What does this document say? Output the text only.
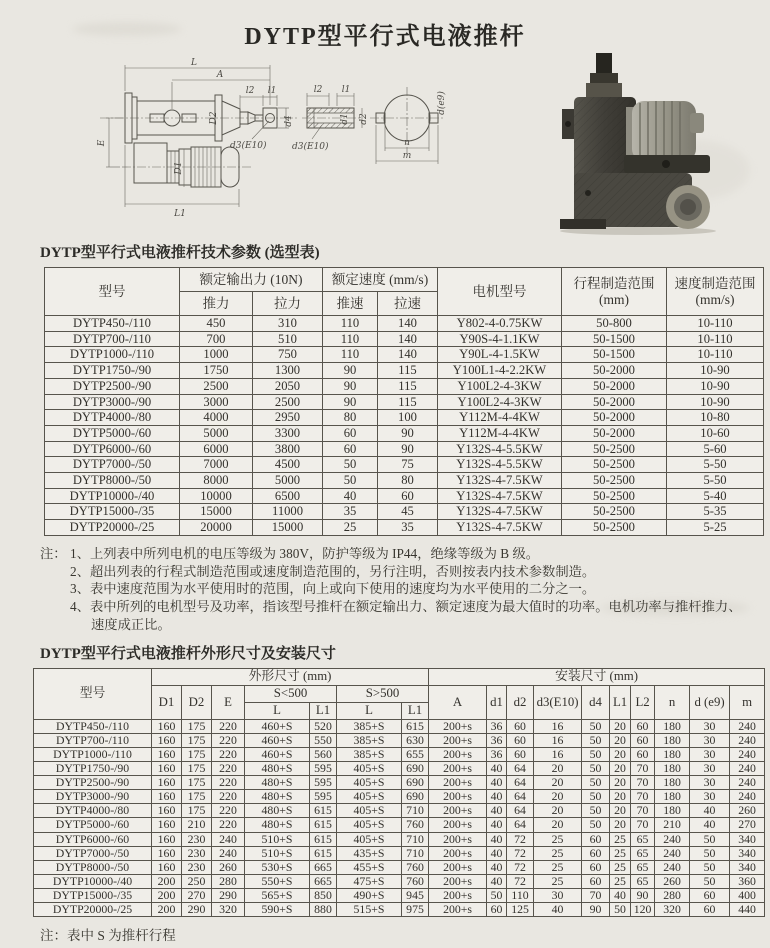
DYTP型平行式电液推杆
L
A
l2 l1
d4
d3(E10)
D2
D1
E
L1
l2 l1
d1 d2
d3(E10)
d(e9)
n
m
DYTP型平行式电液推杆技术参数 (选型表)
型号	额定输出力 (10N)	额定速度 (mm/s)	电机型号	
行程制造范围
(mm)

速度制造范围
(mm/s)

	推力	拉力	推速	拉速			
DYTP450-/110	450	310	110	140	Y802-4-0.75KW	50-800	10-110
DYTP700-/110	700	510	110	140	Y90S-4-1.1KW	50-1500	10-110
DYTP1000-/110	1000	750	110	140	Y90L-4-1.5KW	50-1500	10-110
DYTP1750-/90	1750	1300	90	115	Y100L1-4-2.2KW	50-2000	10-90
DYTP2500-/90	2500	2050	90	115	Y100L2-4-3KW	50-2000	10-90
DYTP3000-/90	3000	2500	90	115	Y100L2-4-3KW	50-2000	10-90
DYTP4000-/80	4000	2950	80	100	Y112M-4-4KW	50-2000	10-80
DYTP5000-/60	5000	3300	60	90	Y112M-4-4KW	50-2000	10-60
DYTP6000-/60	6000	3800	60	90	Y132S-4-5.5KW	50-2500	5-60
DYTP7000-/50	7000	4500	50	75	Y132S-4-5.5KW	50-2500	5-50
DYTP8000-/50	8000	5000	50	80	Y132S-4-7.5KW	50-2500	5-50
DYTP10000-/40	10000	6500	40	60	Y132S-4-7.5KW	50-2500	5-40
DYTP15000-/35	15000	11000	35	45	Y132S-4-7.5KW	50-2500	5-35
DYTP20000-/25	20000	15000	25	35	Y132S-4-7.5KW	50-2500	5-25
注： 1、上列表中所列电机的电压等级为 380V，防护等级为 IP44，绝缘等级为 B 级。
2、超出列表的行程式制造范围或速度制造范围的，另行注明，否则按表内技术参数制造。
3、表中速度范围为水平使用时的范围，向上或向下使用的速度均为水平使用的二分之一。
4、表中所列的电机型号及功率，指该型号推杆在额定输出力、额定速度为最大值时的功率。电机功率与推杆推力、速度成正比。
DYTP型平行式电液推杆外形尺寸及安装尺寸
型号	外形尺寸 (mm)							安装尺寸 (mm)									
	D1	D2	E	S<500		S>500		A	d1	d2	d3(E10)	d4	L1	L2	n	d (e9)	m
				L	L1	L	L1										
DYTP450-/110	160	175	220	460+S	520	385+S	615	200+s	36	60	16	50	20	60	180	30	240
DYTP700-/110	160	175	220	460+S	550	385+S	630	200+s	36	60	16	50	20	60	180	30	240
DYTP1000-/110	160	175	220	460+S	560	385+S	655	200+s	36	60	16	50	20	60	180	30	240
DYTP1750-/90	160	175	220	480+S	595	405+S	690	200+s	40	64	20	50	20	70	180	30	240
DYTP2500-/90	160	175	220	480+S	595	405+S	690	200+s	40	64	20	50	20	70	180	30	240
DYTP3000-/90	160	175	220	480+S	595	405+S	690	200+s	40	64	20	50	20	70	180	30	240
DYTP4000-/80	160	175	220	480+S	615	405+S	710	200+s	40	64	20	50	20	70	180	40	260
DYTP5000-/60	160	210	220	480+S	615	405+S	760	200+s	40	64	20	50	20	70	210	40	270
DYTP6000-/60	160	230	240	510+S	615	405+S	710	200+s	40	72	25	60	25	65	240	50	340
DYTP7000-/50	160	230	240	510+S	615	435+S	710	200+s	40	72	25	60	25	65	240	50	340
DYTP8000-/50	160	230	260	530+S	665	455+S	760	200+s	40	72	25	60	25	65	240	50	340
DYTP10000-/40	200	250	280	550+S	665	475+S	760	200+s	40	72	25	60	25	65	260	50	360
DYTP15000-/35	200	270	290	565+S	850	490+S	945	200+s	50	110	30	70	40	90	280	60	400
DYTP20000-/25	200	290	320	590+S	880	515+S	975	200+s	60	125	40	90	50	120	320	60	440
注：表中 S 为推杆行程
